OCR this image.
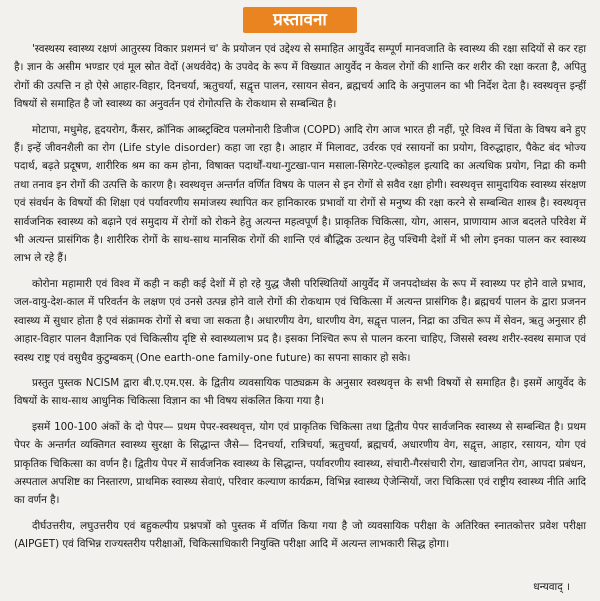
प्रस्तावना

'स्वस्थस्य स्वास्थ्य रक्षणं आतुरस्य विकार प्रशमनं च' के प्रयोजन एवं उद्देश्य से समाहित आयुर्वेद सम्पूर्ण मानवजाति के स्वास्थ्य की रक्षा सदियों से कर रहा है। ज्ञान के असीम भण्डार एवं मूल स्रोत वेदों (अथर्ववेद) के उपवेद के रूप में विख्यात आयुर्वेद न केवल रोगों की शान्ति कर शरीर की रक्षा करता है, अपितु रोगों की उत्पत्ति न हो ऐसे आहार-विहार, दिनचर्या, ऋतुचर्या, सद्वृत्त पालन, रसायन सेवन, ब्रह्मचर्य आदि के अनुपालन का भी निर्देश देता है। स्वस्थवृत्त इन्हीं विषयों से समाहित है जो स्वास्थ्य का अनुवर्तन एवं रोगोत्पत्ति के रोकथाम से सम्बन्धित है।

मोटापा, मधुमेह, हृदयरोग, कैंसर, क्रॉनिक आब्स्ट्रक्टिव पलमोनारी डिजीज (COPD) आदि रोग आज भारत ही नहीं, पूरे विश्व में चिंता के विषय बने हुए हैं। इन्हें जीवनशैली का रोग (Life style disorder) कहा जा रहा है। आहार में मिलावट, उर्वरक एवं रसायनों का प्रयोग, विरुद्धाहार, पैकेट बंद भोज्य पदार्थ, बढ़ते प्रदूषण, शारीरिक श्रम का कम होना, विषाक्त पदार्थों-यथा-गुटखा-पान मसाला-सिगरेट-एल्कोहल इत्यादि का अत्यधिक प्रयोग, निद्रा की कमी तथा तनाव इन रोगों की उत्पत्ति के कारण है। स्वस्थवृत्त अन्तर्गत वर्णित विषय के पालन से इन रोगों से सवैव रक्षा होगी। स्वस्थवृत्त सामुदायिक स्वास्थ्य संरक्षण एवं संवर्धन के विषयों की शिक्षा एवं पर्यावरणीय समांजस्य स्थापित कर हानिकारक प्रभावों या रोगों से मनुष्य की रक्षा करने से सम्बन्धित शास्त्र है। स्वस्थवृत्त सार्वजनिक स्वास्थ्य को बढ़ाने एवं समुदाय में रोगों को रोकने हेतु अत्यन्त महत्वपूर्ण है। प्राकृतिक चिकित्सा, योग, आसन, प्राणायाम आज बदलते परिवेश में भी अत्यन्त प्रासंगिक है। शारीरिक रोगों के साथ-साथ मानसिक रोगों की शान्ति एवं बौद्धिक उत्थान हेतु पश्चिमी देशों में भी लोग इनका पालन कर स्वास्थ्य लाभ ले रहे हैं।

कोरोना महामारी एवं विश्व में कही न कही कई देशों में हो रहे युद्ध जैसी परिस्थितियों आयुर्वेद में जनपदोध्वंस के रूप में स्वास्थ्य पर होने वाले प्रभाव, जल-वायु-देश-काल में परिवर्तन के लक्षण एवं उनसे उत्पन्न होने वाले रोगों की रोकथाम एवं चिकित्सा में अत्यन्त प्रासंगिक है। ब्रह्मचर्य पालन के द्वारा प्रजनन स्वास्थ्य में सुधार होता है एवं संक्रामक रोगों से बचा जा सकता है। अधारणीय वेग, धारणीय वेग, सद्वृत्त पालन, निद्रा का उचित रूप में सेवन, ऋतु अनुसार ही आहार-विहार पालन वैज्ञानिक एवं चिकित्सीय दृष्टि से स्वास्थ्यलाभ प्रद है। इसका निश्चित रूप से पालन करना चाहिए, जिससे स्वस्थ शरीर-स्वस्थ समाज एवं स्वस्थ राष्ट्र एवं वसुधैव कुटुम्बकम् (One earth-one family-one future) का सपना साकार हो सके।

प्रस्तुत पुस्तक NCISM द्वारा बी.ए.एम.एस. के द्वितीय व्यवसायिक पाठ्यक्रम के अनुसार स्वस्थवृत्त के सभी विषयों से समाहित है। इसमें आयुर्वेद के विषयों के साथ-साथ आधुनिक चिकित्सा विज्ञान का भी विषय संकलित किया गया है।

इसमें 100-100 अंकों के दो पेपर— प्रथम पेपर-स्वस्थवृत्त, योग एवं प्राकृतिक चिकित्सा तथा द्वितीय पेपर सार्वजनिक स्वास्थ्य से सम्बन्धित है। प्रथम पेपर के अन्तर्गत व्यक्तिगत स्वास्थ्य सुरक्षा के सिद्धान्त जैसे— दिनचर्या, रात्रिचर्या, ऋतुचर्या, ब्रह्मचर्य, अधारणीय वेग, सद्वृत्त, आहार, रसायन, योग एवं प्राकृतिक चिकित्सा का वर्णन है। द्वितीय पेपर में सार्वजनिक स्वास्थ्य के सिद्धान्त, पर्यावरणीय स्वास्थ्य, संचारी-गैरसंचारी रोग, खाद्यजनित रोग, आपदा प्रबंधन, अस्पताल अपशिष्ट का निस्तारण, प्राथमिक स्वास्थ्य सेवाएं, परिवार कल्याण कार्यक्रम, विभिन्न स्वास्थ्य ऐजेन्सियों, जरा चिकित्सा एवं राष्ट्रीय स्वास्थ्य नीति आदि का वर्णन है।

दीर्घउत्तरीय, लघुउत्तरीय एवं बहुकल्पीय प्रश्नपत्रों को पुस्तक में वर्णित किया गया है जो व्यवसायिक परीक्षा के अतिरिक्त स्नातकोत्तर प्रवेश परीक्षा (AIPGET) एवं विभिन्न राज्यस्तरीय परीक्षाओं, चिकित्साधिकारी नियुक्ति परीक्षा आदि में अत्यन्त लाभकारी सिद्ध होगा।

धन्यवाद् ।
